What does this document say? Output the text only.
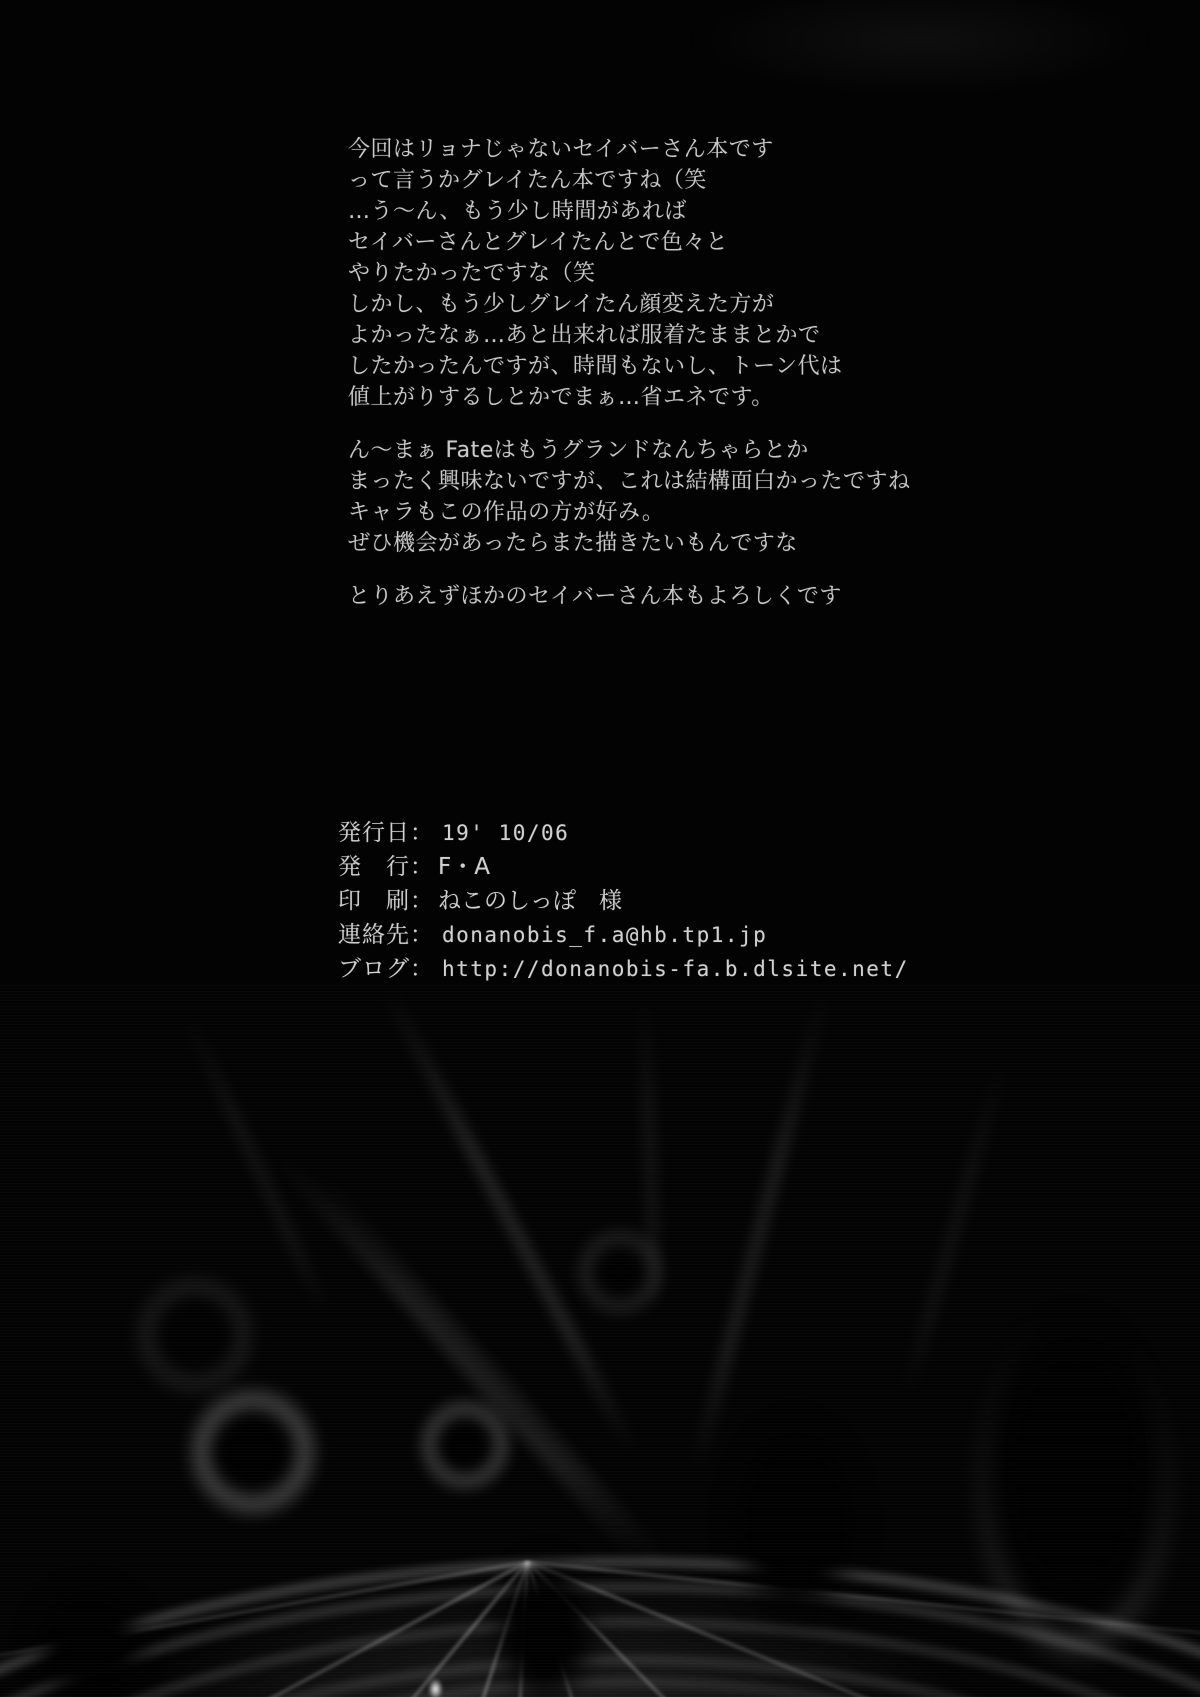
今回はリョナじゃないセイバーさん本です
って言うかグレイたん本ですね（笑
…う～ん、もう少し時間があれば
セイバーさんとグレイたんとで色々と
やりたかったですな（笑
しかし、もう少しグレイたん顔変えた方が
よかったなぁ…あと出来れば服着たままとかで
したかったんですが、時間もないし、トーン代は
値上がりするしとかでまぁ…省エネです。
ん～まぁ Fateはもうグランドなんちゃらとか
まったく興味ないですが、これは結構面白かったですね
キャラもこの作品の方が好み。
ぜひ機会があったらまた描きたいもんですな
とりあえずほかのセイバーさん本もよろしくです
発行日： 19' 10/06
発　行： F・A
印　刷： ねこのしっぽ　様
連絡先： donanobis_f.a@hb.tp1.jp
ブログ： http://donanobis-fa.b.dlsite.net/
